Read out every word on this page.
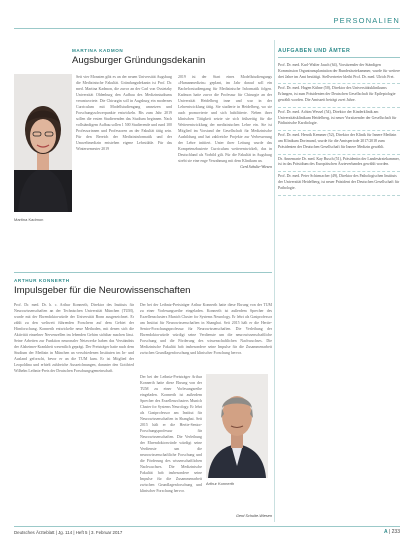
PERSONALIEN
MARTINA KADMON
Augsburger Gründungsdekanin
Martina Kadmon

Seit vier Monaten gibt es an der neuen Universität Augsburg die Medizinische Fakultät. Gründungsdekanin ist Prof. Dr. med. Martina Kadmon, die zuvor an der Carl von Ossietzky Universität Oldenburg den Aufbau des Medizinstudiums verantwortete. Die Chirurgin soll in Augsburg ein modernes Curriculum mit Modellstudiengang umsetzen und Forschungsschwerpunkte entwickeln. Bis zum Jahr 2019 sollen die ersten Studierenden das Studium beginnen. Nach vollständigem Aufbau sollen 1 500 Studierende und rund 100 Professorinnen und Professoren an der Fakultät tätig sein. Für den Bereich der Medizininformatik und der Umweltmedizin entstehen eigene Lehrstühle. Für das Wintersemester 2019

2019 ist der Start eines Modellstudiengangs »Humanmedizin« geplant, im Jahr darauf soll ein Bachelorstudiengang für Medizinische Informatik folgen. Kadmon hatte zuvor die Professur für Chirurgie an der Universität Heidelberg inne und war in der Lehrentwicklung tätig. Sie studierte in Heidelberg, wo sie auch promovierte und sich habilitierte. Neben ihrer klinischen Tätigkeit setzte sie sich frühzeitig für die Weiterentwicklung der medizinischen Lehre ein. Sie ist Mitglied im Vorstand der Gesellschaft für Medizinische Ausbildung und hat zahlreiche Projekte zur Verbesserung der Lehre initiiert. Unter ihrer Leitung wurde das Kompetenzbasierte Curriculum weiterentwickelt, das in Deutschland als Vorbild gilt. Für die Fakultät in Augsburg strebt sie eine enge Verzahnung mit dem Klinikum an.

Gerd Schulte-Wiesen
ARTHUR KONNERTH
Impulsgeber für die Neurowissenschaften

Prof. Dr. med. Dr. h. c. Arthur Konnerth, Direktor des Instituts für Neurowissenschaften an der Technischen Universität München (TUM), wurde mit der Ehrendoktorwürde der Universität Bonn ausgezeichnet. Er zählt zu den weltweit führenden Forschern auf dem Gebiet der Hirnforschung. Konnerth entwickelte neue Methoden, mit denen sich die Aktivität einzelner Nervenzellen im lebenden Gehirn sichtbar machen lässt. Seine Arbeiten zur Funktion neuronaler Netzwerke haben das Verständnis der Alzheimer-Krankheit wesentlich geprägt. Der Preisträger hatte nach dem Studium der Medizin in München an verschiedenen Instituten im In- und Ausland geforscht, bevor er an die TUM kam. Er ist Mitglied der Leopoldina und erhielt zahlreiche Auszeichnungen, darunter den Gottfried Wilhelm Leibniz-Preis der Deutschen Forschungsgemeinschaft.

Der bei der Leibniz-Preisträger Arthur Konnerth hatte diese Ehrung von der TUM zu einer Vorlesungsreihe eingeladen. Konnerth ist außerdem Sprecher des Exzellenzclusters Munich Cluster for Systems Neurology. Er lehrt als Gastprofessor am Institut für Neurowissenschaften in Shanghai. Seit 2015 hält er die Hertie-Senior-Forschungsprofessur für Neurowissenschaften. Die Verleihung der Ehrendoktorwürde würdigt seine Verdienste um die neurowissenschaftliche Forschung und die Förderung des wissenschaftlichen Nachwuchses. Die Medizinische Fakultät hob insbesondere seine Impulse für die Zusammenarbeit zwischen Grundlagenforschung und klinischer Forschung hervor.

Arthur Konnerth

Der bei der Leibniz-Preisträger Arthur Konnerth hatte diese Ehrung von der TUM zu einer Vorlesungsreihe eingeladen. Konnerth ist außerdem Sprecher des Exzellenzclusters Munich Cluster for Systems Neurology. Er lehrt als Gastprofessor am Institut für Neurowissenschaften in Shanghai. Seit 2015 hält er die Hertie-Senior-Forschungsprofessur für Neurowissenschaften. Die Verleihung der Ehrendoktorwürde würdigt seine Verdienste um die neurowissenschaftliche Forschung und die Förderung des wissenschaftlichen Nachwuchses. Die Medizinische Fakultät hob insbesondere seine Impulse für die Zusammenarbeit zwischen Grundlagenforschung und klinischer Forschung hervor.

Gerd Schulte-Wiesen
AUFGABEN UND ÄMTER
Prof. Dr. med. Karl-Walter Jauch (64), Vorsitzender der Ständigen Kommission Organtransplantation der Bundesärztekammer, wurde für weitere drei Jahre im Amt bestätigt. Stellvertreter bleibt Prof. Dr. med. Ulrich Frei.
Prof. Dr. med. Hagen Kühne (50), Direktor des Universitätsklinikums Erlangen, ist zum Präsidenten der Deutschen Gesellschaft für Epileptologie gewählt worden. Die Amtszeit beträgt zwei Jahre.
Prof. Dr. med. Achim Wessel (54), Direktor der Kinderklinik am Universitätsklinikum Heidelberg, ist neuer Vorsitzender der Gesellschaft für Pädiatrische Kardiologie.
Prof. Dr. med. Henrik Kemmer (52), Direktor der Klinik für Innere Medizin am Klinikum Dortmund, wurde für die Amtsperiode 2017/2018 zum Präsidenten der Deutschen Gesellschaft für Innere Medizin gewählt.
Dr. Annemarie Dr. med. Kay Busch (51), Präsidentin der Landesärztekammer, ist in das Präsidium des Europäischen Ärzteverbandes gewählt worden.
Prof. Dr. med. Peter Schirmacher (49), Direktor des Pathologischen Instituts der Universität Heidelberg, ist neuer Präsident der Deutschen Gesellschaft für Pathologie.
Deutsches Ärzteblatt | Jg. 114 | Heft 5 | 3. Februar 2017	A | 233
